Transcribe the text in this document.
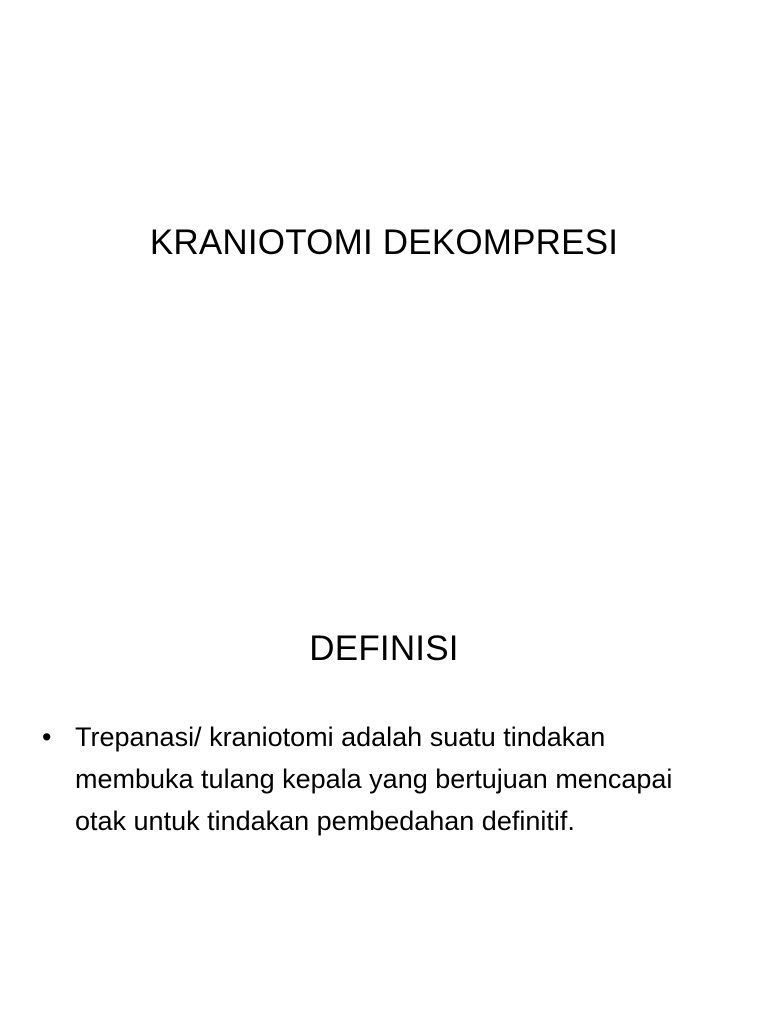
KRANIOTOMI DEKOMPRESI
DEFINISI
• Trepanasi/ kraniotomi adalah suatu tindakan membuka tulang kepala yang bertujuan mencapai otak untuk tindakan pembedahan definitif.
